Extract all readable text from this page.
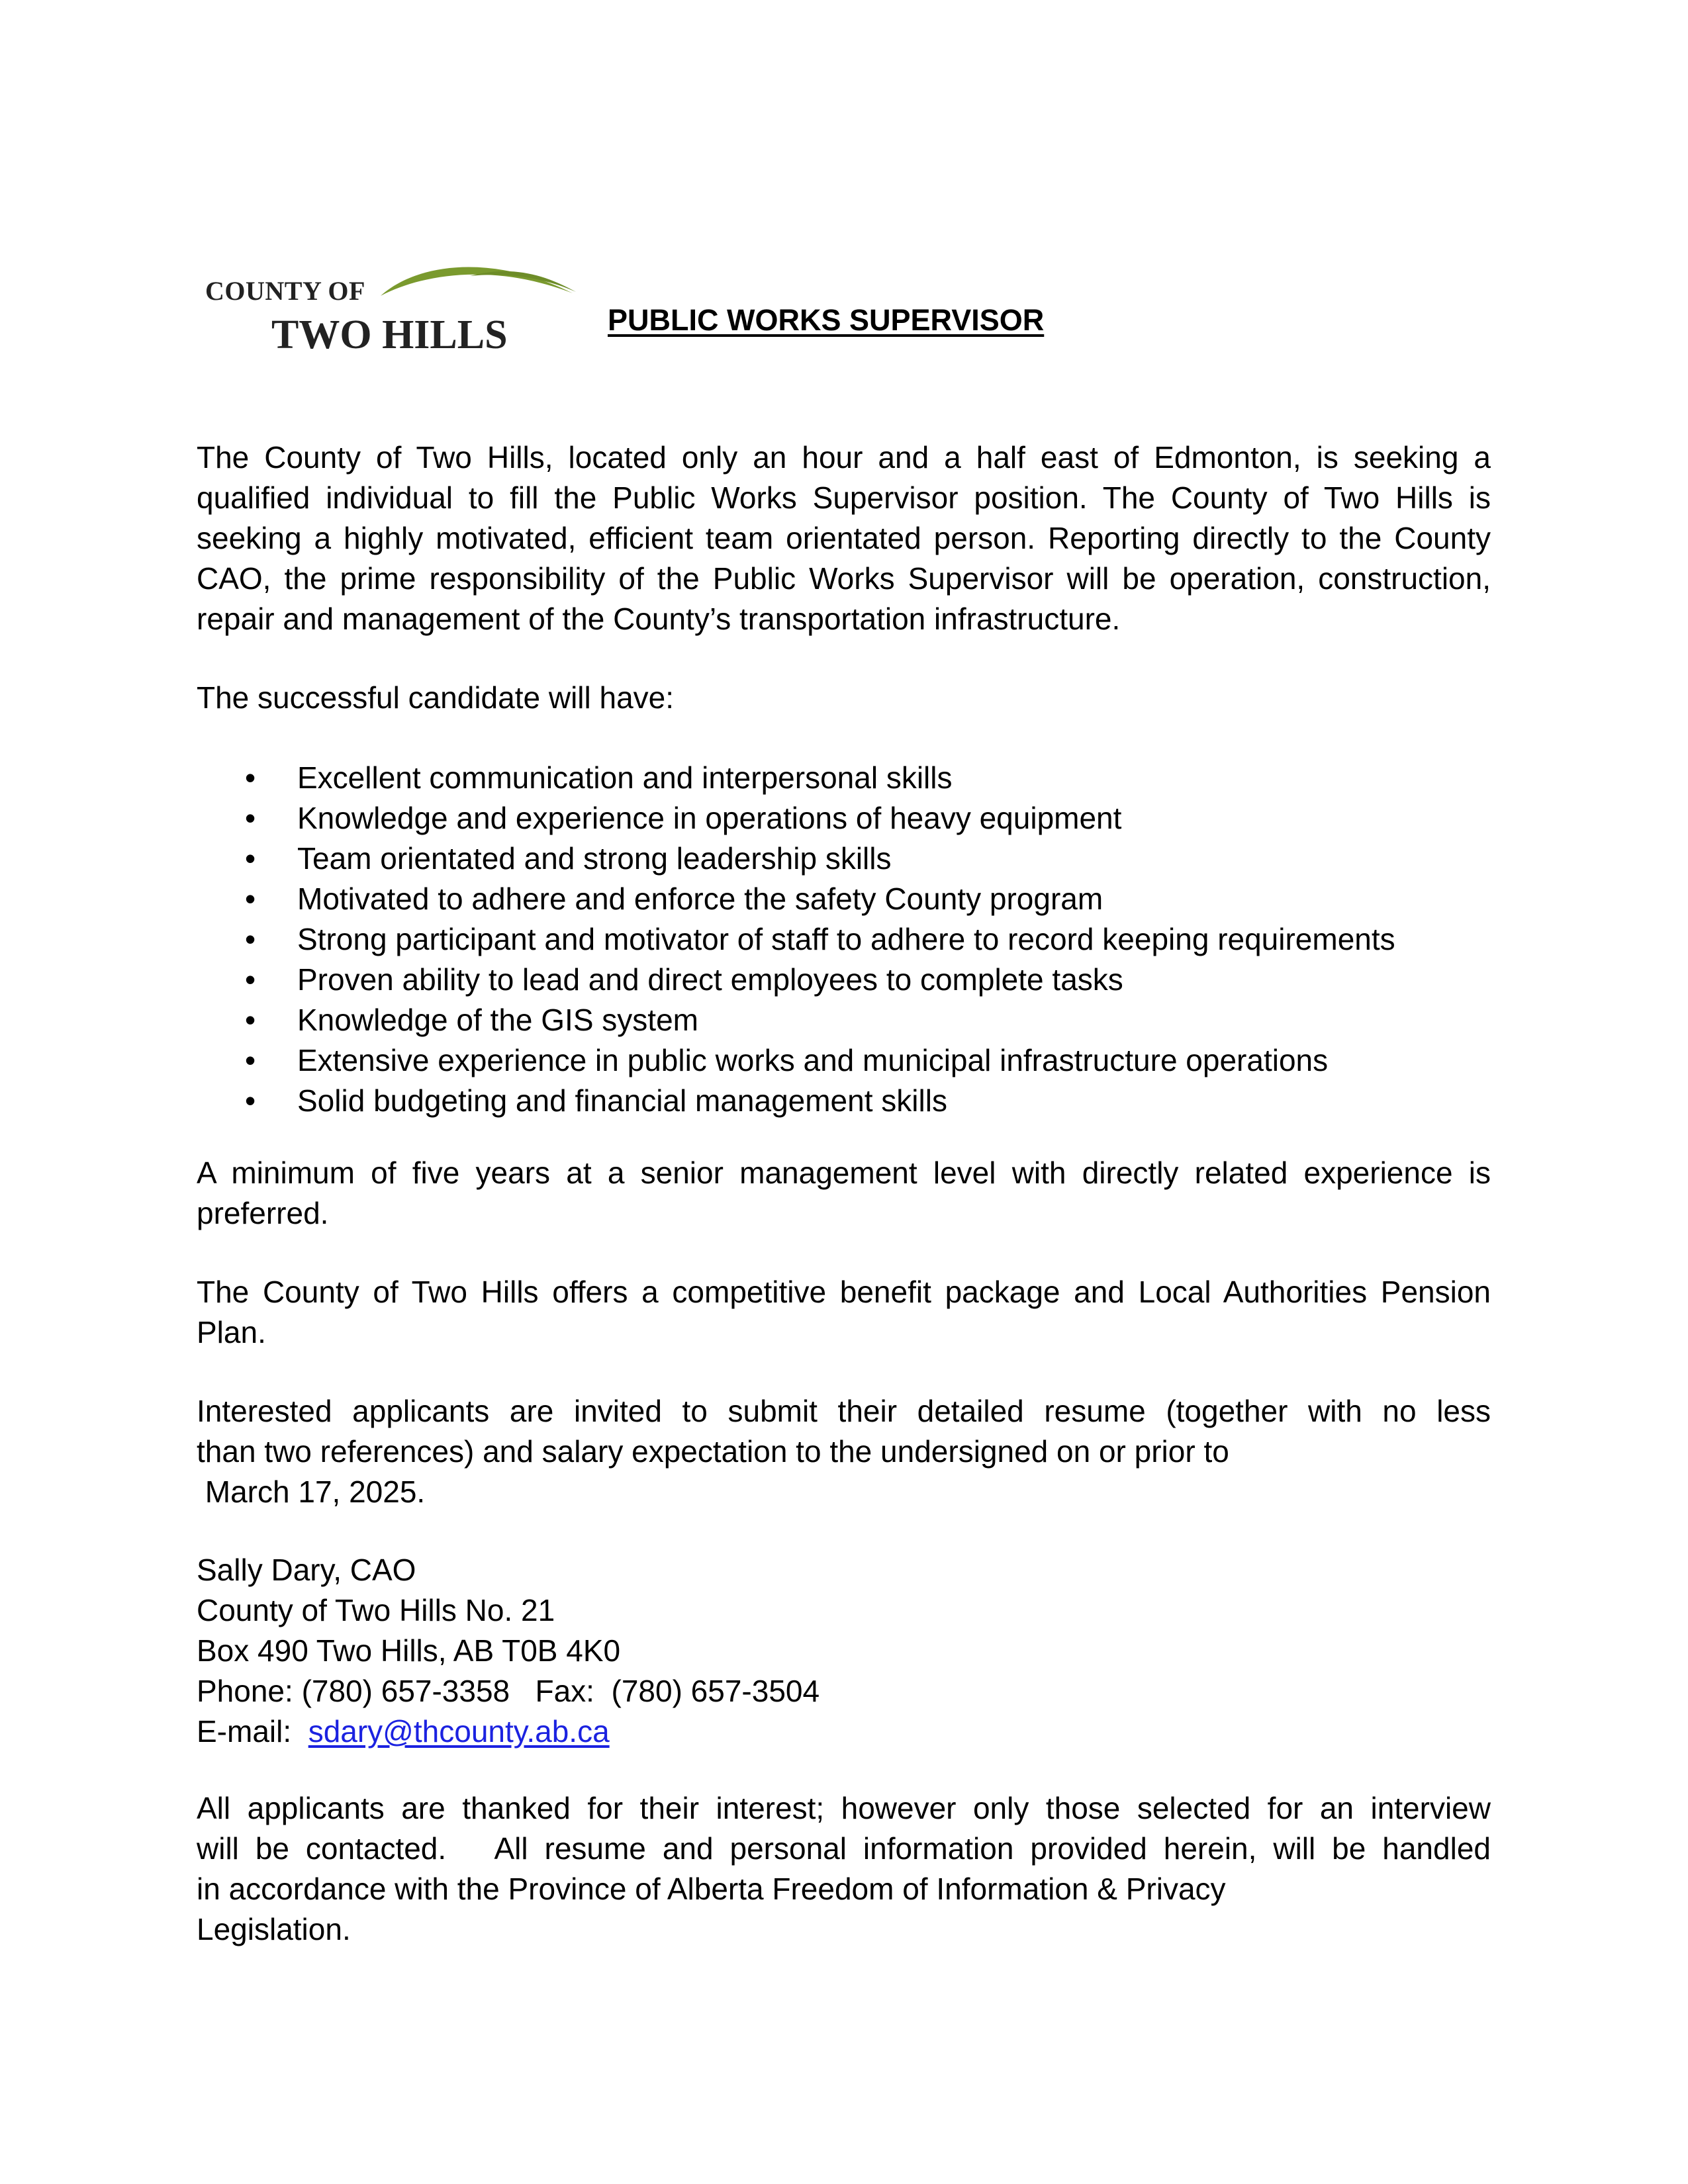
COUNTY OF
TWO HILLS	PUBLIC WORKS SUPERVISOR
The County of Two Hills, located only an hour and a half east of Edmonton, is seeking a qualified individual to fill the Public Works Supervisor position. The County of Two Hills is seeking a highly motivated, efficient team orientated person. Reporting directly to the County CAO, the prime responsibility of the Public Works Supervisor will be operation, construction, repair and management of the County’s transportation infrastructure.
The successful candidate will have:
• Excellent communication and interpersonal skills
• Knowledge and experience in operations of heavy equipment
• Team orientated and strong leadership skills
• Motivated to adhere and enforce the safety County program
• Strong participant and motivator of staff to adhere to record keeping requirements
• Proven ability to lead and direct employees to complete tasks
• Knowledge of the GIS system
• Extensive experience in public works and municipal infrastructure operations
• Solid budgeting and financial management skills
A minimum of five years at a senior management level with directly related experience is preferred.
The County of Two Hills offers a competitive benefit package and Local Authorities Pension Plan.
Interested applicants are invited to submit their detailed resume (together with no less
than two references) and salary expectation to the undersigned on or prior to
March 17, 2025.
Sally Dary, CAO
County of Two Hills No. 21
Box 490 Two Hills, AB T0B 4K0
Phone: (780) 657-3358   Fax:  (780) 657-3504
E-mail:  sdary@thcounty.ab.ca
All applicants are thanked for their interest; however only those selected for an interview
will be contacted.   All resume and personal information provided herein, will be handled
in accordance with the Province of Alberta Freedom of Information & Privacy
Legislation.
